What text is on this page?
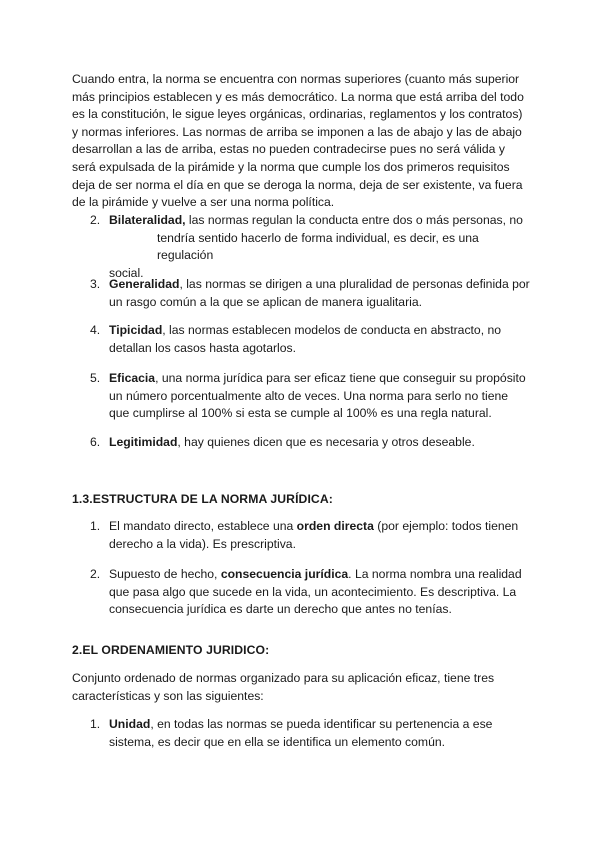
Cuando entra, la norma se encuentra con normas superiores (cuanto más superior
más principios establecen y es más democrático. La norma que está arriba del todo
es la constitución, le sigue leyes orgánicas, ordinarias, reglamentos y los contratos)
y normas inferiores. Las normas de arriba se imponen a las de abajo y las de abajo
desarrollan a las de arriba, estas no pueden contradecirse pues no será válida y
será expulsada de la pirámide y la norma que cumple los dos primeros requisitos
deja de ser norma el día en que se deroga la norma, deja de ser existente, va fuera
de la pirámide y vuelve a ser una norma política.
2. Bilateralidad, las normas regulan la conducta entre dos o más personas, no
tendría sentido hacerlo de forma individual, es decir, es una regulación
social.
3. Generalidad, las normas se dirigen a una pluralidad de personas definida por
un rasgo común a la que se aplican de manera igualitaria.
4. Tipicidad, las normas establecen modelos de conducta en abstracto, no
detallan los casos hasta agotarlos.
5. Eficacia, una norma jurídica para ser eficaz tiene que conseguir su propósito
un número porcentualmente alto de veces. Una norma para serlo no tiene
que cumplirse al 100% si esta se cumple al 100% es una regla natural.
6. Legitimidad, hay quienes dicen que es necesaria y otros deseable.
1.3.ESTRUCTURA DE LA NORMA JURÍDICA:
1. El mandato directo, establece una orden directa (por ejemplo: todos tienen
derecho a la vida). Es prescriptiva.
2. Supuesto de hecho, consecuencia jurídica. La norma nombra una realidad
que pasa algo que sucede en la vida, un acontecimiento. Es descriptiva. La
consecuencia jurídica es darte un derecho que antes no tenías.
2.EL ORDENAMIENTO JURIDICO:
Conjunto ordenado de normas organizado para su aplicación eficaz, tiene tres
características y son las siguientes:
1. Unidad, en todas las normas se pueda identificar su pertenencia a ese
sistema, es decir que en ella se identifica un elemento común.
